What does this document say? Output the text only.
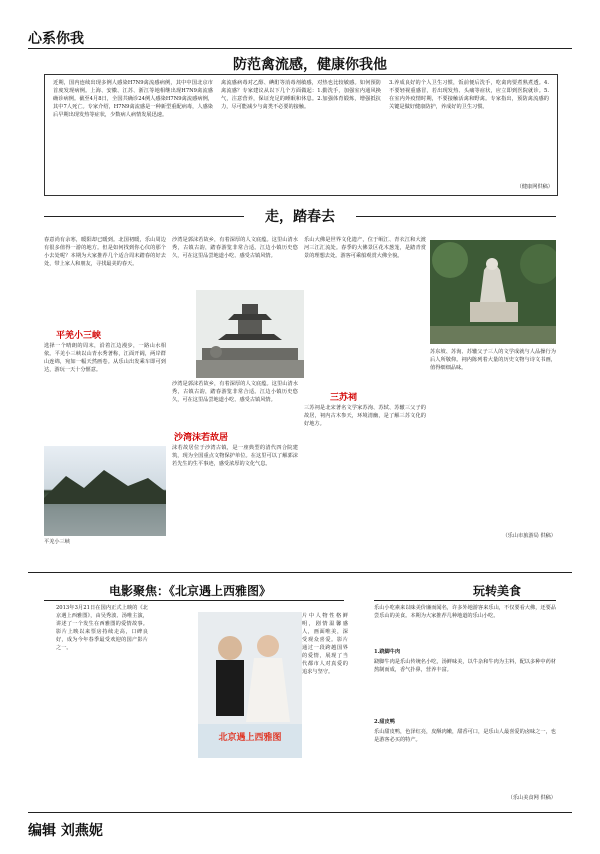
心系你我
防范禽流感，健康你我他
近期，国内连续出现多例人感染H7N9禽流感病例，其中中国北京市首度发现病例。上海、安徽、江苏、浙江等地相继出现H7N9禽流感确诊病例。截至4月8日，全国共确诊24例人感染H7N9禽流感病例，其中7人死亡。专家介绍，H7N9禽流感是一种新型重配病毒，人感染后早期出现发热等症状，少数病人病情发展迅速。
禽流感病毒对乙醇、碘酊等消毒剂敏感，对热也比较敏感。如何预防禽流感？专家建议从以下几个方面做起：1.勤洗手，加强室内通风换气，注意营养，保证充足的睡眠和休息。2.加强体育锻炼，增强抵抗力，尽可能减少与禽类不必要的接触。
3.养成良好的个人卫生习惯，饭前便后洗手，吃禽肉要煮熟煮透。4.不要轻视重感冒，若出现发热、头痛等症状，应立即到医院就诊。5.在室内外疫情时期，不要接触活禽和野禽。专家指出，预防禽流感的关键是做好健康防护，养成好的卫生习惯。
（健康网供稿）
走，踏春去
春意尚有余寒，暖阳却已暖到。北国初暖，乐山周边有很多值得一游的地方。但是如何找到你心仪的那个小去处呢？本期为大家推荐几个适合周末踏春的好去处，带上家人和朋友，寻找最美的春天。
平羌小三峡
选择一个晴朗的周末，沿着江边漫步，一路山水相依。平羌小三峡以山青水秀著称，江面开阔，两岸群山连绵，宛如一幅天然画卷。从乐山出发乘车即可到达，游玩一天十分惬意。
平羌小三峡
沙湾是郭沫若故乡，有着深厚的人文底蕴。这里山清水秀，古镇古韵，踏春游览非常合适。江边小镇历史悠久，可在这里品尝地道小吃、感受古镇风情。
沙湾是郭沫若故乡，有着深厚的人文底蕴。这里山清水秀，古镇古韵，踏春游览非常合适。江边小镇历史悠久，可在这里品尝地道小吃、感受古镇风情。
沙湾沫若故居
沫若故居位于沙湾古镇，是一座典型的清代四合院建筑，现为全国重点文物保护单位。在这里可以了解郭沫若先生的生平事迹，感受浓厚的文化气息。
乐山大佛是世界文化遗产，位于岷江、青衣江和大渡河三江汇流处。春季的大佛景区花木葱茏，是踏青赏景的理想去处。游客可乘船观赏大佛全貌。
三苏祠
三苏祠是北宋著名文学家苏洵、苏轼、苏辙三父子的故居，祠内古木参天，环境清幽，是了解三苏文化的好地方。
苏东坡、苏洵、苏辙父子三人的文学成就与人品操行为后人所敬仰。祠内陈列着大量的历史文物与诗文书画，值得细细品味。
（乐山市旅游局 供稿）
电影聚焦：《北京遇上西雅图》
2013年3月21日在国内正式上映的《北京遇上西雅图》，由吴秀波、汤唯主演，讲述了一个发生在西雅图的爱情故事。影片上映以来票房持续走高，口碑良好，成为今年春季最受欢迎的国产影片之一。
北京遇上西雅图
片中人物性格鲜明，剧情温馨感人，画面唯美，深受观众喜爱。影片通过一段跨越国界的爱情，展现了当代都市人对真爱的追求与坚守。
玩转美食
乐山小吃素来以味美价廉而闻名，许多外地游客来乐山，不仅要看大佛，还要品尝乐山的美食。本期为大家推荐几种地道的乐山小吃。
1.跷脚牛肉
跷脚牛肉是乐山传统名小吃，汤鲜味美，以牛杂和牛肉为主料，配以多种中药材熬制而成，香气扑鼻，营养丰富。
2.甜皮鸭
乐山甜皮鸭，色泽红亮，皮酥肉嫩，甜香可口，是乐山人最喜爱的卤味之一，也是游客必买的特产。
（乐山美食网 供稿）
编辑 刘燕妮
